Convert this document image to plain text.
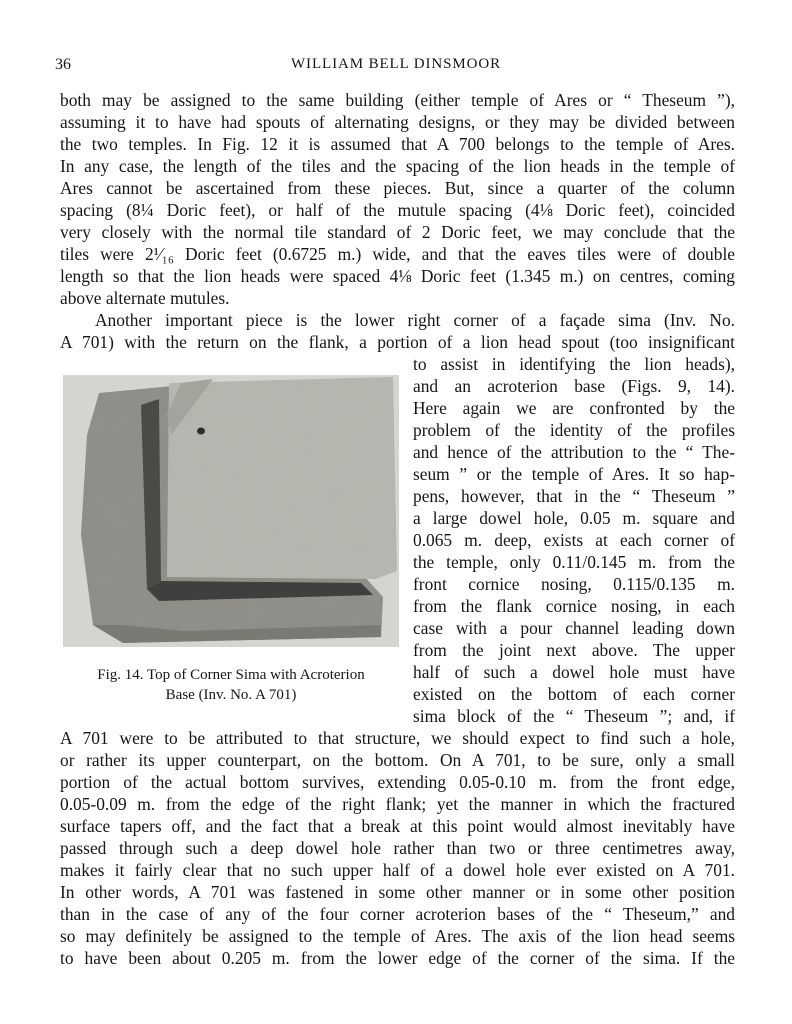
36	WILLIAM BELL DINSMOOR
Fig. 14. Top of Corner Sima with Acroterion
Base (Inv. No. A 701)
both may be assigned to the same building (either temple of Ares or “ Theseum ”),
assuming it to have had spouts of alternating designs, or they may be divided between
the two temples. In Fig. 12 it is assumed that A 700 belongs to the temple of Ares.
In any case, the length of the tiles and the spacing of the lion heads in the temple of
Ares cannot be ascertained from these pieces. But, since a quarter of the column
spacing (8¼ Doric feet), or half of the mutule spacing (4⅛ Doric feet), coincided
very closely with the normal tile standard of 2 Doric feet, we may conclude that the
tiles were 2¹⁄₁₆ Doric feet (0.6725 m.) wide, and that the eaves tiles were of double
length so that the lion heads were spaced 4⅛ Doric feet (1.345 m.) on centres, coming
above alternate mutules.
Another important piece is the lower right corner of a façade sima (Inv. No.
A 701) with the return on the flank, a portion of a lion head spout (too insignificant
to assist in identifying the lion heads),
and an acroterion base (Figs. 9, 14).
Here again we are confronted by the
problem of the identity of the profiles
and hence of the attribution to the “ The-
seum ” or the temple of Ares. It so hap-
pens, however, that in the “ Theseum ”
a large dowel hole, 0.05 m. square and
0.065 m. deep, exists at each corner of
the temple, only 0.11/0.145 m. from the
front cornice nosing, 0.115/0.135 m.
from the flank cornice nosing, in each
case with a pour channel leading down
from the joint next above. The upper
half of such a dowel hole must have
existed on the bottom of each corner
sima block of the “ Theseum ”; and, if
A 701 were to be attributed to that structure, we should expect to find such a hole,
or rather its upper counterpart, on the bottom. On A 701, to be sure, only a small
portion of the actual bottom survives, extending 0.05-0.10 m. from the front edge,
0.05-0.09 m. from the edge of the right flank; yet the manner in which the fractured
surface tapers off, and the fact that a break at this point would almost inevitably have
passed through such a deep dowel hole rather than two or three centimetres away,
makes it fairly clear that no such upper half of a dowel hole ever existed on A 701.
In other words, A 701 was fastened in some other manner or in some other position
than in the case of any of the four corner acroterion bases of the “ Theseum,” and
so may definitely be assigned to the temple of Ares. The axis of the lion head seems
to have been about 0.205 m. from the lower edge of the corner of the sima. If the
